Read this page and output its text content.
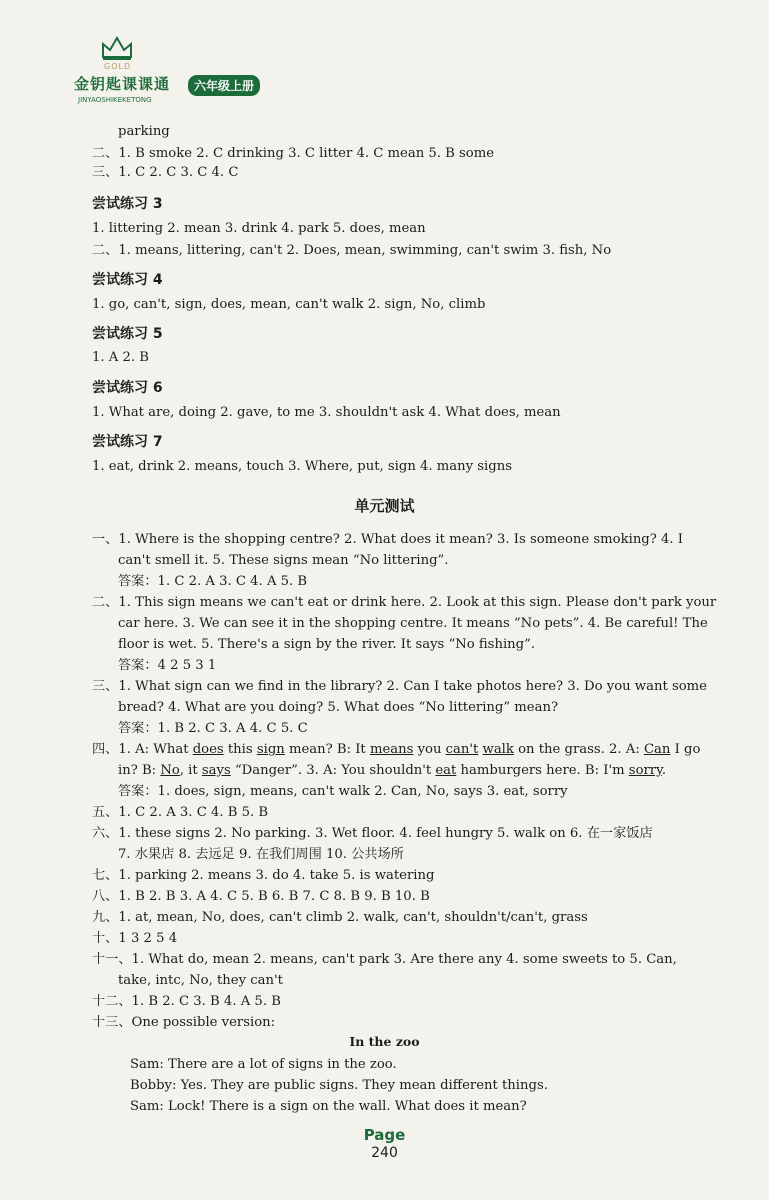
GOLD
金钥匙课课通
JINYAOSHIKEKETONG
六年级上册
parking
二、1. B smoke 2. C drinking 3. C litter 4. C mean 5. B some
三、1. C 2. C 3. C 4. C
尝试练习 3
1. littering 2. mean 3. drink 4. park 5. does, mean
二、1. means, littering, can't 2. Does, mean, swimming, can't swim 3. fish, No
尝试练习 4
1. go, can't, sign, does, mean, can't walk 2. sign, No, climb
尝试练习 5
1. A 2. B
尝试练习 6
1. What are, doing 2. gave, to me 3. shouldn't ask 4. What does, mean
尝试练习 7
1. eat, drink 2. means, touch 3. Where, put, sign 4. many signs
单元测试
一、1. Where is the shopping centre? 2. What does it mean? 3. Is someone smoking? 4. I
can't smell it. 5. These signs mean “No littering”.
答案：1. C 2. A 3. C 4. A 5. B
二、1. This sign means we can't eat or drink here. 2. Look at this sign. Please don't park your
car here. 3. We can see it in the shopping centre. It means “No pets”. 4. Be careful! The
floor is wet. 5. There's a sign by the river. It says “No fishing”.
答案：4 2 5 3 1
三、1. What sign can we find in the library? 2. Can I take photos here? 3. Do you want some
bread? 4. What are you doing? 5. What does “No littering” mean?
答案：1. B 2. C 3. A 4. C 5. C
四、1. A: What does this sign mean? B: It means you can't walk on the grass. 2. A: Can I go
in? B: No, it says “Danger”. 3. A: You shouldn't eat hamburgers here. B: I'm sorry.
答案：1. does, sign, means, can't walk 2. Can, No, says 3. eat, sorry
五、1. C 2. A 3. C 4. B 5. B
六、1. these signs 2. No parking. 3. Wet floor. 4. feel hungry 5. walk on 6. 在一家饭店
7. 水果店 8. 去远足 9. 在我们周围 10. 公共场所
七、1. parking 2. means 3. do 4. take 5. is watering
八、1. B 2. B 3. A 4. C 5. B 6. B 7. C 8. B 9. B 10. B
九、1. at, mean, No, does, can't climb 2. walk, can't, shouldn't/can't, grass
十、1 3 2 5 4
十一、1. What do, mean 2. means, can't park 3. Are there any 4. some sweets to 5. Can,
take, intc, No, they can't
十二、1. B 2. C 3. B 4. A 5. B
十三、One possible version:
In the zoo
Sam: There are a lot of signs in the zoo.
Bobby: Yes. They are public signs. They mean different things.
Sam: Lock! There is a sign on the wall. What does it mean?
Page
240
